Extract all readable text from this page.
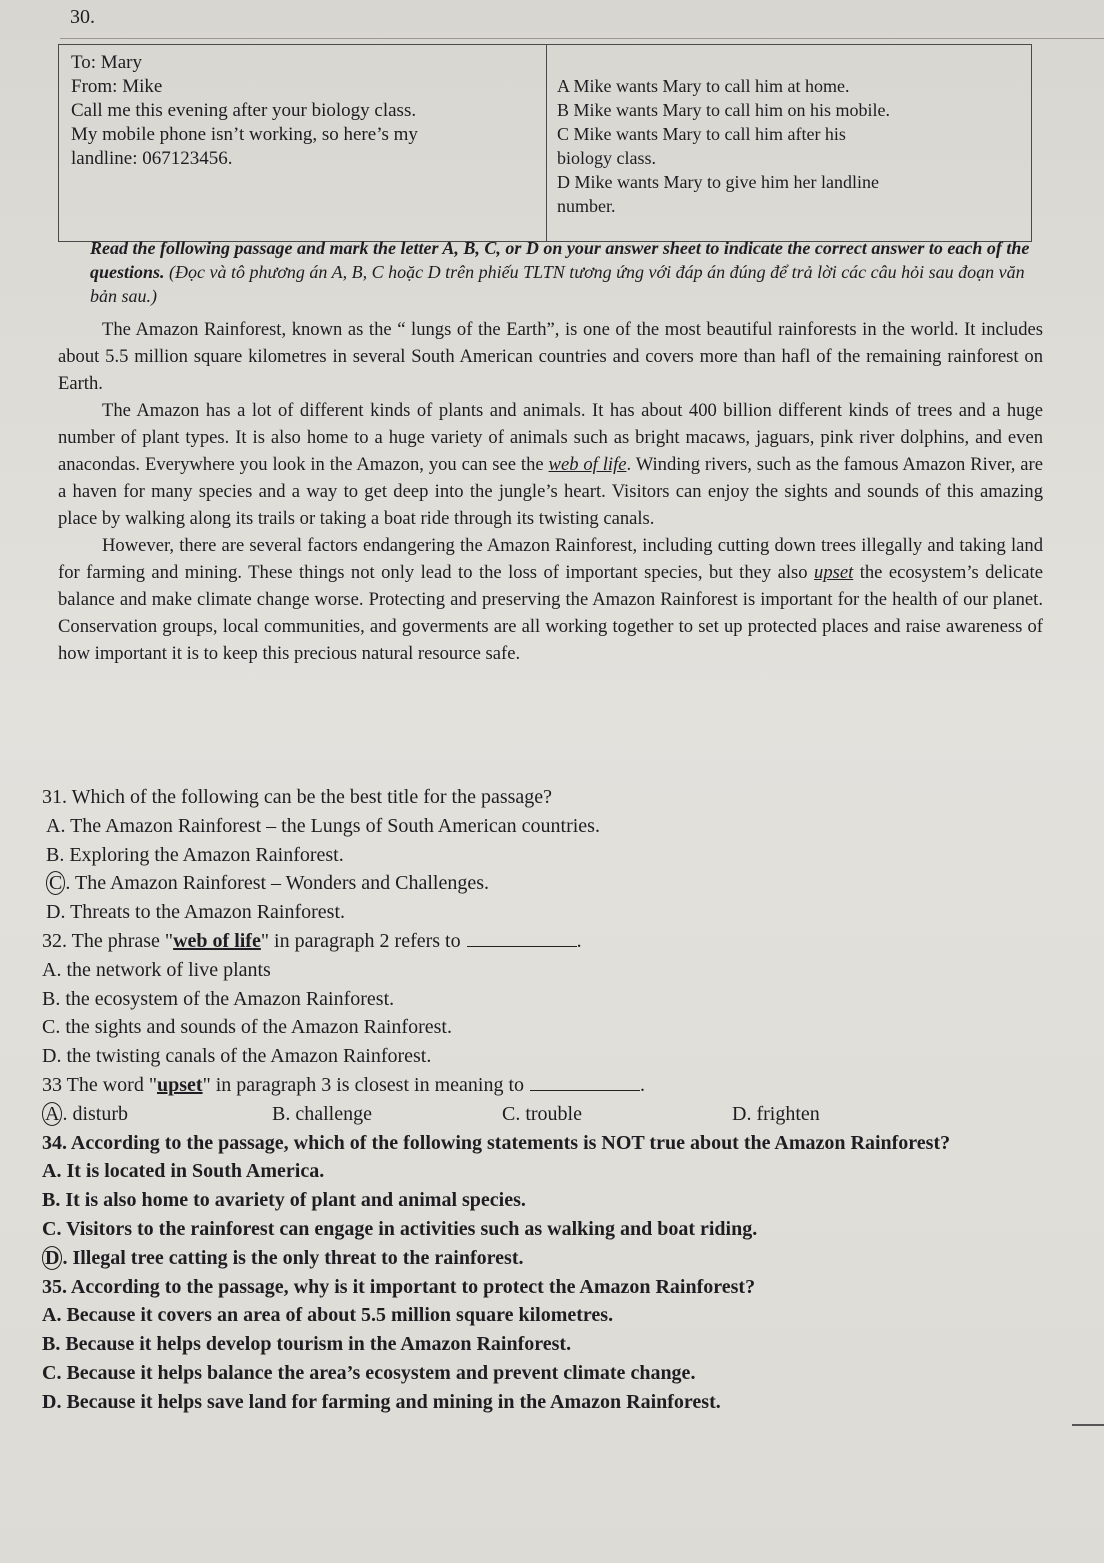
30.
To: Mary
From: Mike
Call me this evening after your biology class.
My mobile phone isn’t working, so here’s my
landline: 067123456.
A Mike wants Mary to call him at home.
B Mike wants Mary to call him on his mobile.
C Mike wants Mary to call him after his
biology class.
D Mike wants Mary to give him her landline
number.
Read the following passage and mark the letter A, B, C, or D on your answer sheet to indicate the correct answer to each of the questions. (Đọc và tô phương án A, B, C hoặc D trên phiếu TLTN tương ứng với đáp án đúng để trả lời các câu hỏi sau đoạn văn bản sau.)

The Amazon Rainforest, known as the “ lungs of the Earth”, is one of the most beautiful rainforests in the world. It includes about 5.5 million square kilometres in several South American countries and covers more than hafl of the remaining rainforest on Earth.

The Amazon has a lot of different kinds of plants and animals. It has about 400 billion different kinds of trees and a huge number of plant types. It is also home to a huge variety of animals such as bright macaws, jaguars, pink river dolphins, and even anacondas. Everywhere you look in the Amazon, you can see the web of life. Winding rivers, such as the famous Amazon River, are a haven for many species and a way to get deep into the jungle’s heart. Visitors can enjoy the sights and sounds of this amazing place by walking along its trails or taking a boat ride through its twisting canals.

However, there are several factors endangering the Amazon Rainforest, including cutting down trees illegally and taking land for farming and mining. These things not only lead to the loss of important species, but they also upset the ecosystem’s delicate balance and make climate change worse. Protecting and preserving the Amazon Rainforest is important for the health of our planet. Conservation groups, local communities, and goverments are all working together to set up protected places and raise awareness of how important it is to keep this precious natural resource safe.

31. Which of the following can be the best title for the passage?

A. The Amazon Rainforest – the Lungs of South American countries.

B. Exploring the Amazon Rainforest.

C . The Amazon Rainforest – Wonders and Challenges.

D. Threats to the Amazon Rainforest.

32. The phrase "web of life" in paragraph 2 refers to	.

A. the network of live plants

B. the ecosystem of the Amazon Rainforest.

C. the sights and sounds of the Amazon Rainforest.

D. the twisting canals of the Amazon Rainforest.

33 The word "upset" in paragraph 3 is closest in meaning to	.

A . disturb	B. challenge	C. trouble	D. frighten

34. According to the passage, which of the following statements is NOT true about the Amazon Rainforest?

A. It is located in South America.

B. It is also home to avariety of plant and animal species.

C. Visitors to the rainforest can engage in activities such as walking and boat riding.

D . Illegal tree catting is the only threat to the rainforest.

35. According to the passage, why is it important to protect the Amazon Rainforest?

A. Because it covers an area of about 5.5 million square kilometres.

B. Because it helps develop tourism in the Amazon Rainforest.

C. Because it helps balance the area’s ecosystem and prevent climate change.

D. Because it helps save land for farming and mining in the Amazon Rainforest.
